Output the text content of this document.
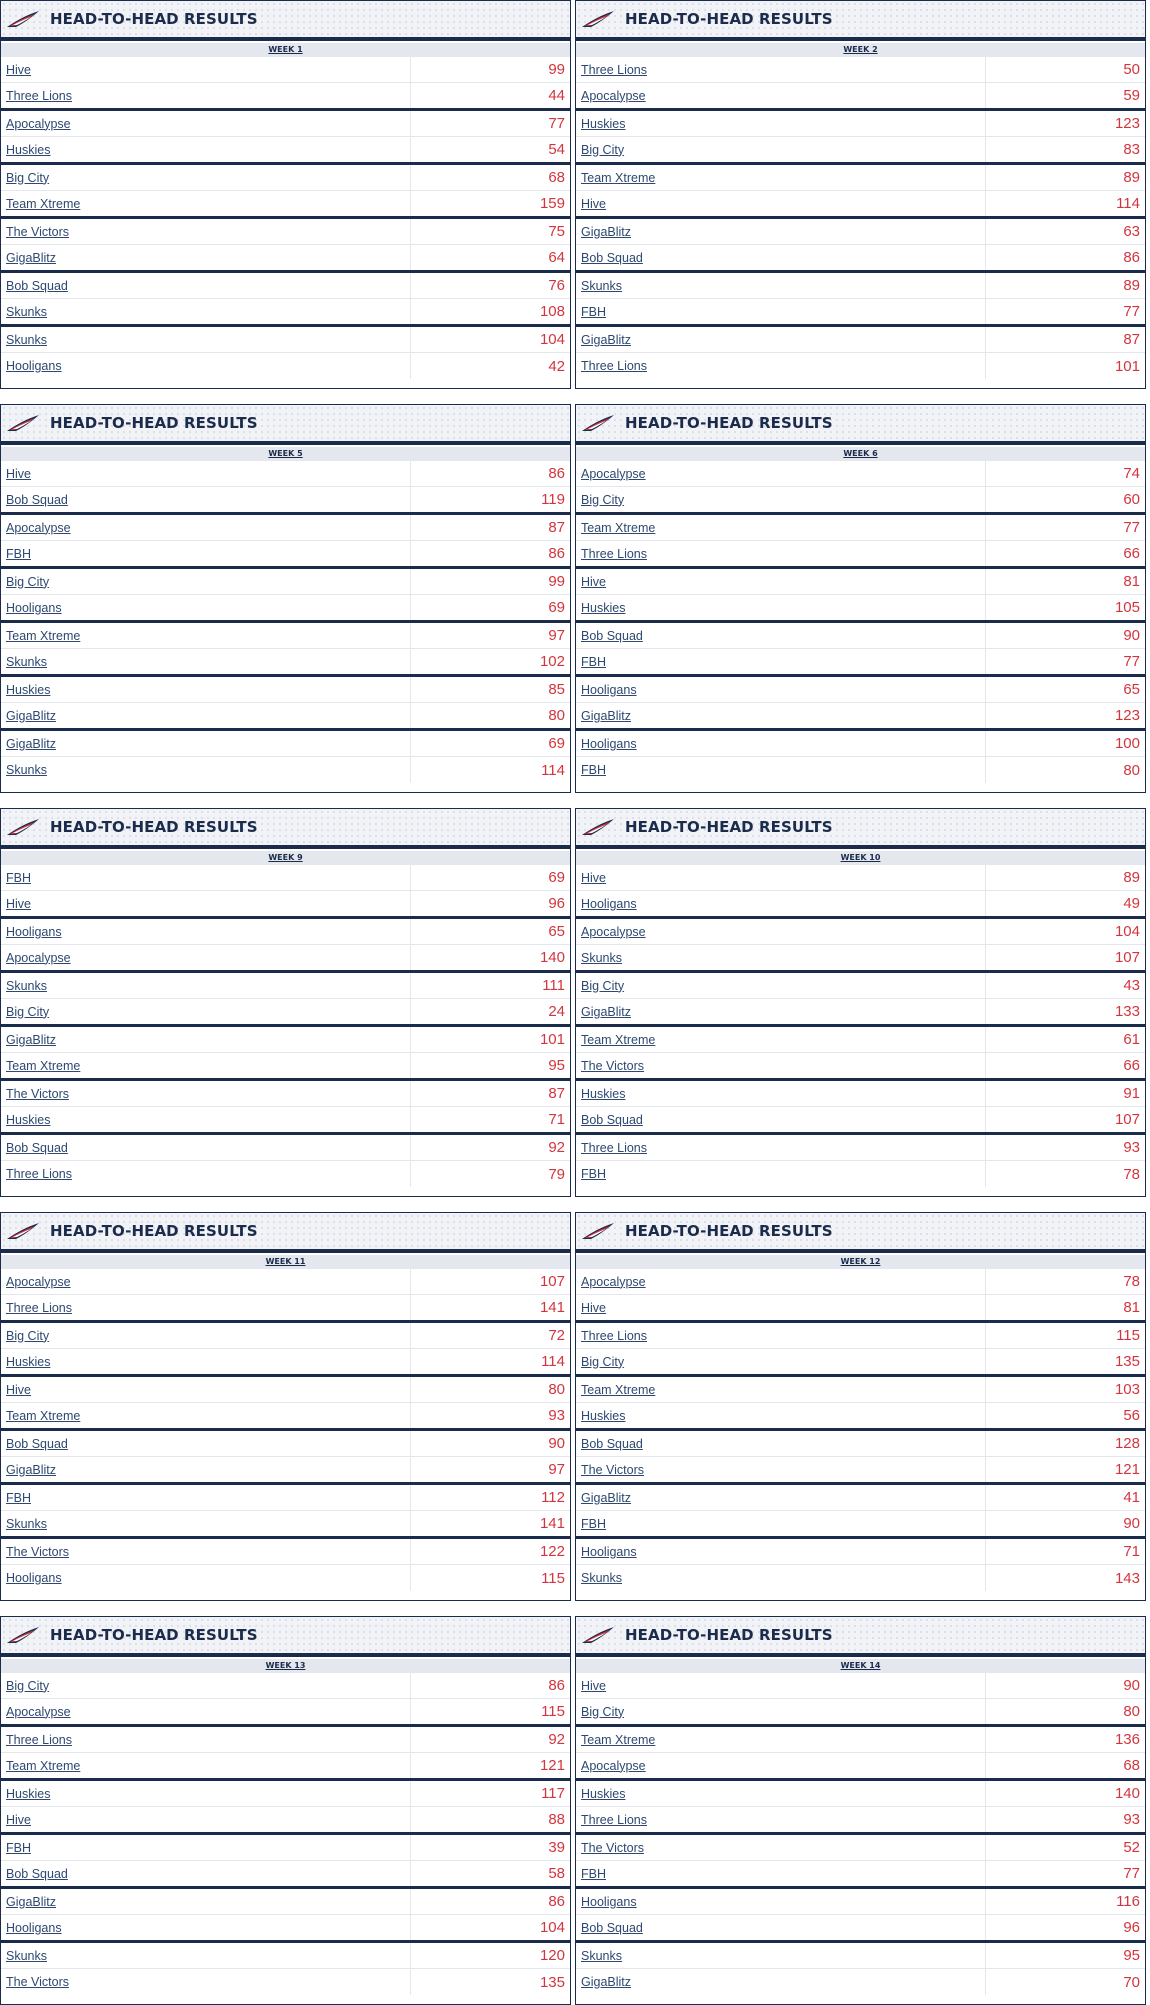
HEAD-TO-HEAD RESULTS
WEEK 1
Hive	99
Three Lions	44
Apocalypse	77
Huskies	54
Big City	68
Team Xtreme	159
The Victors	75
GigaBlitz	64
Bob Squad	76
Skunks	108
Skunks	104
Hooligans	42
HEAD-TO-HEAD RESULTS
WEEK 2
Three Lions	50
Apocalypse	59
Huskies	123
Big City	83
Team Xtreme	89
Hive	114
GigaBlitz	63
Bob Squad	86
Skunks	89
FBH	77
GigaBlitz	87
Three Lions	101
HEAD-TO-HEAD RESULTS
WEEK 5
Hive	86
Bob Squad	119
Apocalypse	87
FBH	86
Big City	99
Hooligans	69
Team Xtreme	97
Skunks	102
Huskies	85
GigaBlitz	80
GigaBlitz	69
Skunks	114
HEAD-TO-HEAD RESULTS
WEEK 6
Apocalypse	74
Big City	60
Team Xtreme	77
Three Lions	66
Hive	81
Huskies	105
Bob Squad	90
FBH	77
Hooligans	65
GigaBlitz	123
Hooligans	100
FBH	80
HEAD-TO-HEAD RESULTS
WEEK 9
FBH	69
Hive	96
Hooligans	65
Apocalypse	140
Skunks	111
Big City	24
GigaBlitz	101
Team Xtreme	95
The Victors	87
Huskies	71
Bob Squad	92
Three Lions	79
HEAD-TO-HEAD RESULTS
WEEK 10
Hive	89
Hooligans	49
Apocalypse	104
Skunks	107
Big City	43
GigaBlitz	133
Team Xtreme	61
The Victors	66
Huskies	91
Bob Squad	107
Three Lions	93
FBH	78
HEAD-TO-HEAD RESULTS
WEEK 11
Apocalypse	107
Three Lions	141
Big City	72
Huskies	114
Hive	80
Team Xtreme	93
Bob Squad	90
GigaBlitz	97
FBH	112
Skunks	141
The Victors	122
Hooligans	115
HEAD-TO-HEAD RESULTS
WEEK 12
Apocalypse	78
Hive	81
Three Lions	115
Big City	135
Team Xtreme	103
Huskies	56
Bob Squad	128
The Victors	121
GigaBlitz	41
FBH	90
Hooligans	71
Skunks	143
HEAD-TO-HEAD RESULTS
WEEK 13
Big City	86
Apocalypse	115
Three Lions	92
Team Xtreme	121
Huskies	117
Hive	88
FBH	39
Bob Squad	58
GigaBlitz	86
Hooligans	104
Skunks	120
The Victors	135
HEAD-TO-HEAD RESULTS
WEEK 14
Hive	90
Big City	80
Team Xtreme	136
Apocalypse	68
Huskies	140
Three Lions	93
The Victors	52
FBH	77
Hooligans	116
Bob Squad	96
Skunks	95
GigaBlitz	70
